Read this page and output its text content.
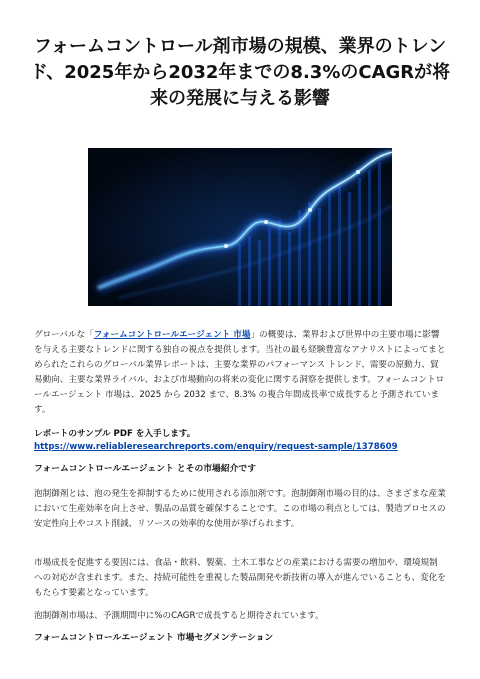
フォームコントロール剤市場の規模、業界のトレンド、2025年から2032年までの8.3%のCAGRが将来の発展に与える影響

グローバルな「フォームコントロールエージェント 市場」の概要は、業界および世界中の主要市場に影響を与える主要なトレンドに関する独自の視点を提供します。当社の最も経験豊富なアナリストによってまとめられたこれらのグローバル業界レポートは、主要な業界のパフォーマンス トレンド、需要の原動力、貿易動向、主要な業界ライバル、および市場動向の将来の変化に関する洞察を提供します。フォームコントロールエージェント 市場は、2025 から 2032 まで、8.3% の複合年間成長率で成長すると予測されています。

レポートのサンプル PDF を入手します。
https://www.reliableresearchreports.com/enquiry/request-sample/1378609
フォームコントロールエージェント とその市場紹介です

泡制御剤とは、泡の発生を抑制するために使用される添加剤です。泡制御剤市場の目的は、さまざまな産業において生産効率を向上させ、製品の品質を確保することです。この市場の利点としては、製造プロセスの安定性向上やコスト削減、リソースの効率的な使用が挙げられます。

市場成長を促進する要因には、食品・飲料、製薬、土木工事などの産業における需要の増加や、環境規制への対応が含まれます。また、持続可能性を重視した製品開発や新技術の導入が進んでいることも、変化をもたらす要素となっています。

泡制御剤市場は、予測期間中に%のCAGRで成長すると期待されています。

フォームコントロールエージェント 市場セグメンテーション
